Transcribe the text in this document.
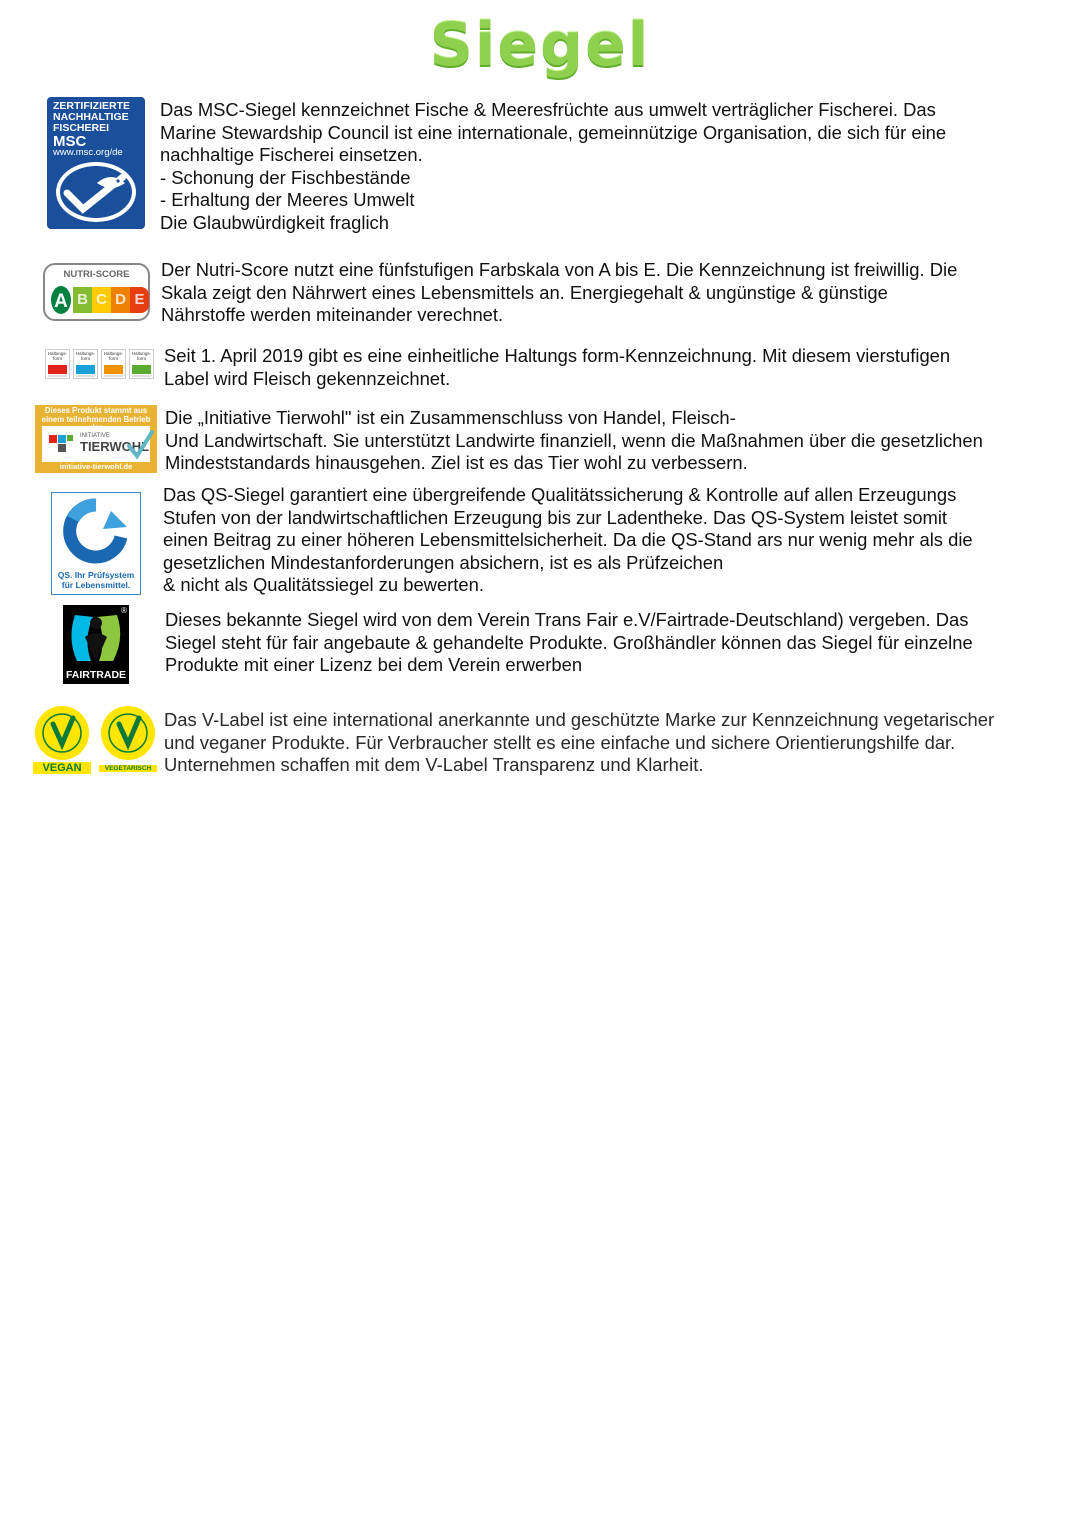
Siegel
ZERTIFIZIERTE
NACHHALTIGE
FISCHEREI
MSC
www.msc.org/de
Das MSC-Siegel kennzeichnet Fische & Meeresfrüchte aus umwelt verträglicher Fischerei. Das
Marine Stewardship Council ist eine internationale, gemeinnützige Organisation, die sich für eine
nachhaltige Fischerei einsetzen.
- Schonung der Fischbestände
- Erhaltung der Meeres Umwelt
Die Glaubwürdigkeit fraglich
NUTRI-SCORE
A B C D E
Der Nutri-Score nutzt eine fünfstufigen Farbskala von A bis E. Die Kennzeichnung ist freiwillig. Die
Skala zeigt den Nährwert eines Lebensmittels an. Energiegehalt & ungünstige & günstige
Nährstoffe werden miteinander verechnet.
Haltungs-form
Haltungs-form
Haltungs-form
Haltungs-form Seit 1. April 2019 gibt es eine einheitliche Haltungs form-Kennzeichnung. Mit diesem vierstufigen
Label wird Fleisch gekennzeichnet.
Dieses Produkt stammt aus
einem teilnehmenden Betrieb
INITIATIVE
TIERWOHL
initiative-tierwohl.de
Die „Initiative Tierwohl" ist ein Zusammenschluss von Handel, Fleisch-
Und Landwirtschaft. Sie unterstützt Landwirte finanziell, wenn die Maßnahmen über die gesetzlichen
Mindeststandards hinausgehen. Ziel ist es das Tier wohl zu verbessern.
QS. Ihr Prüfsystem
für Lebensmittel.
Das QS-Siegel garantiert eine übergreifende Qualitätssicherung & Kontrolle auf allen Erzeugungs
Stufen von der landwirtschaftlichen Erzeugung bis zur Ladentheke. Das QS-System leistet somit
einen Beitrag zu einer höheren Lebensmittelsicherheit. Da die QS-Stand ars nur wenig mehr als die
gesetzlichen Mindestanforderungen absichern, ist es als Prüfzeichen
& nicht als Qualitätssiegel zu bewerten.
®
FAIRTRADE
Dieses bekannte Siegel wird von dem Verein Trans Fair e.V/Fairtrade-Deutschland) vergeben. Das
Siegel steht für fair angebaute & gehandelte Produkte. Großhändler können das Siegel für einzelne
Produkte mit einer Lizenz bei dem Verein erwerben
VEGAN	VEGETARISCH
Das V-Label ist eine international anerkannte und geschützte Marke zur Kennzeichnung vegetarischer
und veganer Produkte. Für Verbraucher stellt es eine einfache und sichere Orientierungshilfe dar.
Unternehmen schaffen mit dem V-Label Transparenz und Klarheit.
